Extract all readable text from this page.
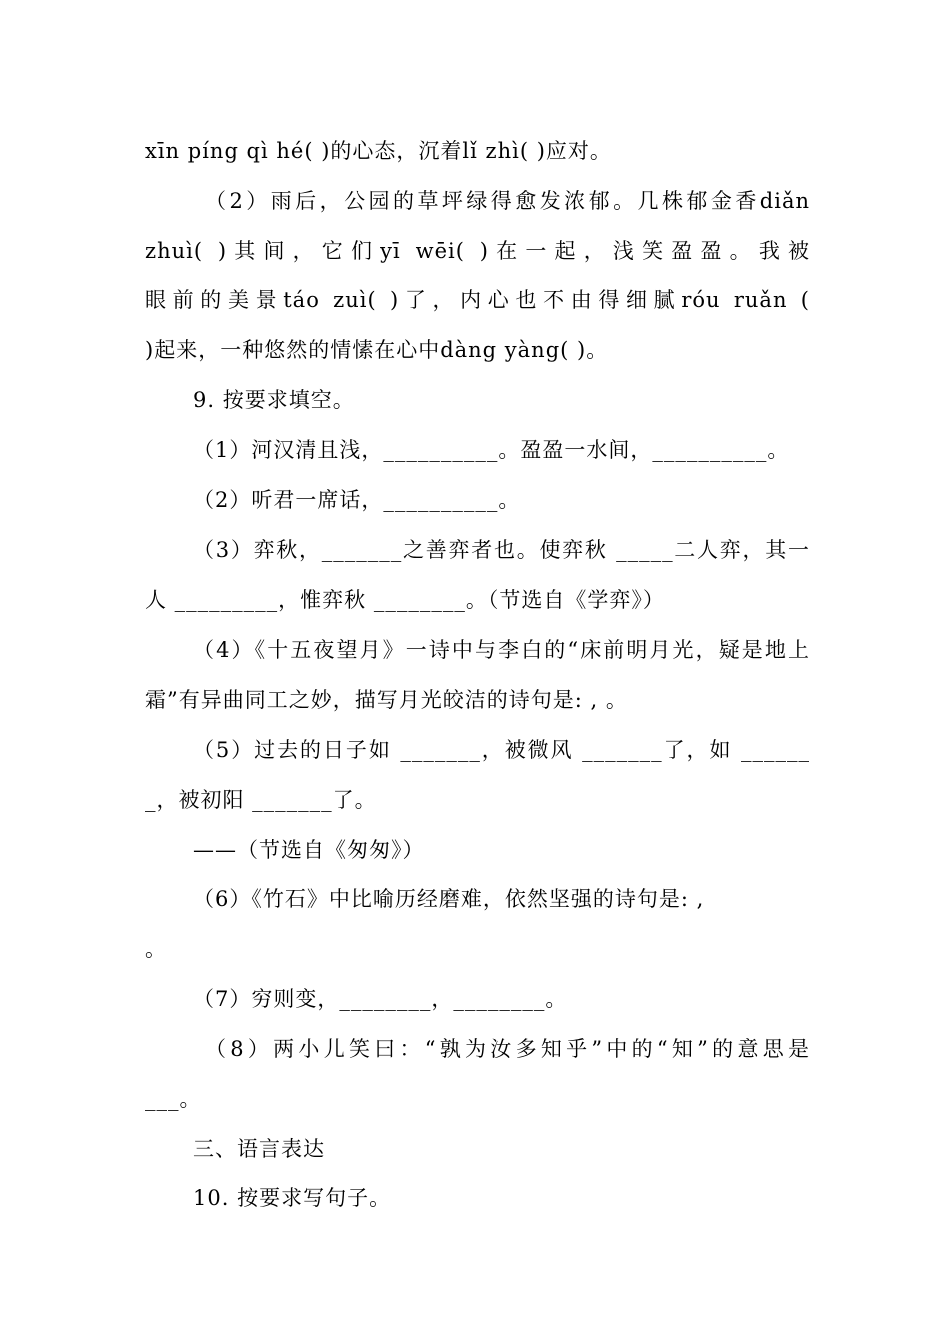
xīn píng qì hé( )的心态，沉着lǐ zhì( )应对。
（2）雨后，公园的草坪绿得愈发浓郁。几株郁金香diǎn
zhuì( )其间，它们yī wēi( )在一起，浅笑盈盈。我被
眼前的美景táo zuì( )了，内心也不由得细腻róu ruǎn (
)起来，一种悠然的情愫在心中dàng yàng( )。
9. 按要求填空。
（1）河汉清且浅，__________。盈盈一水间，__________。
（2）听君一席话，__________。
（3）弈秋，_______之善弈者也。使弈秋 _____二人弈，其一
人 _________，惟弈秋 ________。（节选自《学弈》）
（4）《十五夜望月》一诗中与李白的“床前明月光，疑是地上
霜”有异曲同工之妙，描写月光皎洁的诗句是: , 。
（5）过去的日子如 _______，被微风 _______了，如 ______
_，被初阳 _______了。
——（节选自《匆匆》）
（6）《竹石》中比喻历经磨难，依然坚强的诗句是: ,
。
（7）穷则变，________，________。
（8）两小儿笑曰：“孰为汝多知乎”中的“知”的意思是
___。
三、语言表达
10. 按要求写句子。
